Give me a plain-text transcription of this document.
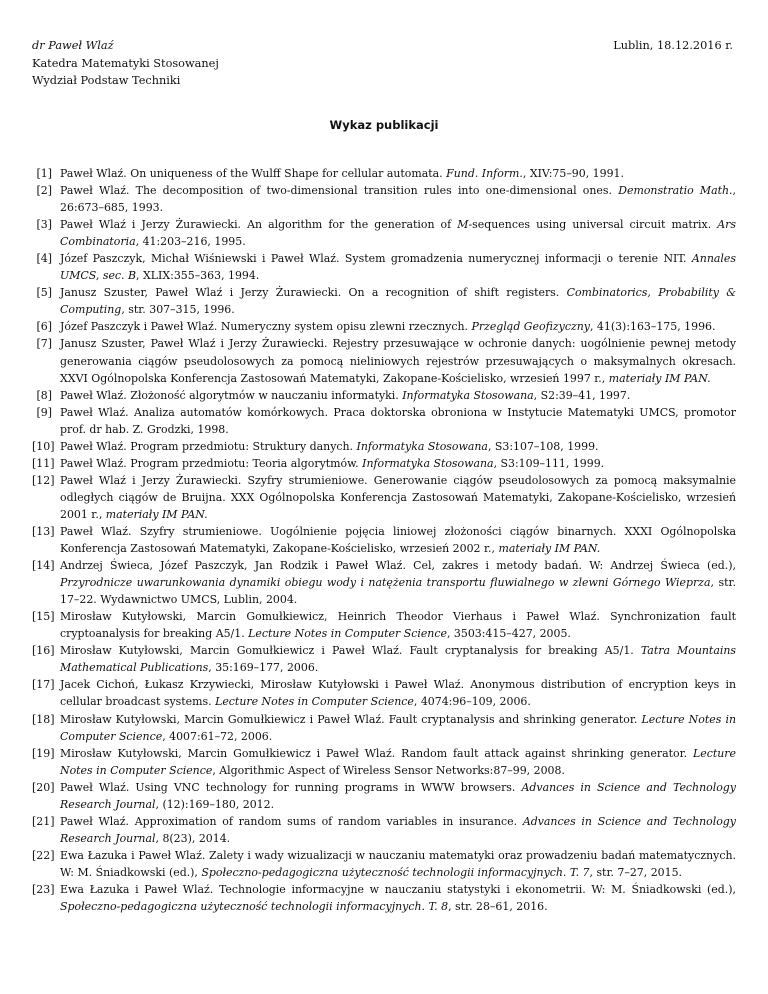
dr Paweł Wlaź
Katedra Matematyki Stosowanej
Wydział Podstaw Techniki
Lublin, 18.12.2016 r.
Wykaz publikacji
[ 1 ]	Paweł Wlaź. On uniqueness of the Wulff Shape for cellular automata. Fund. Inform., XIV:75–90, 1991.
[ 2 ]	Paweł Wlaź. The decomposition of two-dimensional transition rules into one-dimensional ones. Demonstratio Math., 26:673–685, 1993.
[ 3 ]	Paweł Wlaź i Jerzy Żurawiecki. An algorithm for the generation of M-sequences using universal circuit matrix. Ars Combinatoria, 41:203–216, 1995.
[ 4 ]	Józef Paszczyk, Michał Wiśniewski i Paweł Wlaź. System gromadzenia numerycznej informacji o terenie NIT. Annales UMCS, sec. B, XLIX:355–363, 1994.
[ 5 ]	Janusz Szuster, Paweł Wlaź i Jerzy Żurawiecki. On a recognition of shift registers. Combinatorics, Probability & Computing, str. 307–315, 1996.
[ 6 ]	Józef Paszczyk i Paweł Wlaź. Numeryczny system opisu zlewni rzecznych. Przegląd Geofizyczny, 41(3):163–175, 1996.
[ 7 ]	Janusz Szuster, Paweł Wlaź i Jerzy Żurawiecki. Rejestry przesuwające w ochronie danych: uogólnienie pewnej metody generowania ciągów pseudolosowych za pomocą nieliniowych rejestrów przesuwających o maksymalnych okresach. XXVI Ogólnopolska Konferencja Zastosowań Matematyki, Zakopane-Kościelisko, wrzesień 1997 r., materiały IM PAN.
[ 8 ]	Paweł Wlaź. Złożoność algorytmów w nauczaniu informatyki. Informatyka Stosowana, S2:39–41, 1997.
[ 9 ]	Paweł Wlaź. Analiza automatów komórkowych. Praca doktorska obroniona w Instytucie Matematyki UMCS, promotor prof. dr hab. Z. Grodzki, 1998.
[ 10 ] Paweł Wlaź. Program przedmiotu: Struktury danych. Informatyka Stosowana, S3:107–108, 1999.
[ 11 ] Paweł Wlaź. Program przedmiotu: Teoria algorytmów. Informatyka Stosowana, S3:109–111, 1999.
[ 12 ] Paweł Wlaź i Jerzy Żurawiecki. Szyfry strumieniowe. Generowanie ciągów pseudolosowych za pomocą maksymalnie odległych ciągów de Bruijna. XXX Ogólnopolska Konferencja Zastosowań Matematyki, Zakopane-Kościelisko, wrzesień 2001 r., materiały IM PAN.
[ 13 ] Paweł Wlaź. Szyfry strumieniowe. Uogólnienie pojęcia liniowej złożoności ciągów binarnych. XXXI Ogólnopolska Konferencja Zastosowań Matematyki, Zakopane-Kościelisko, wrzesień 2002 r., materiały IM PAN.
[ 14 ] Andrzej Świeca, Józef Paszczyk, Jan Rodzik i Paweł Wlaź. Cel, zakres i metody badań. W: Andrzej Świeca (ed.), Przyrodnicze uwarunkowania dynamiki obiegu wody i natężenia transportu fluwialnego w zlewni Górnego Wieprza, str. 17–22. Wydawnictwo UMCS, Lublin, 2004.
[ 15 ] Mirosław Kutyłowski, Marcin Gomułkiewicz, Heinrich Theodor Vierhaus i Paweł Wlaź. Synchronization fault cryptoanalysis for breaking A5/1. Lecture Notes in Computer Science, 3503:415–427, 2005.
[ 16 ] Mirosław Kutyłowski, Marcin Gomułkiewicz i Paweł Wlaź. Fault cryptanalysis for breaking A5/1. Tatra Mountains Mathematical Publications, 35:169–177, 2006.
[ 17 ] Jacek Cichoń, Łukasz Krzywiecki, Mirosław Kutyłowski i Paweł Wlaź. Anonymous distribution of encryption keys in cellular broadcast systems. Lecture Notes in Computer Science, 4074:96–109, 2006.
[ 18 ] Mirosław Kutyłowski, Marcin Gomułkiewicz i Paweł Wlaź. Fault cryptanalysis and shrinking generator. Lecture Notes in Computer Science, 4007:61–72, 2006.
[ 19 ] Mirosław Kutyłowski, Marcin Gomułkiewicz i Paweł Wlaź. Random fault attack against shrinking generator. Lecture Notes in Computer Science, Algorithmic Aspect of Wireless Sensor Networks:87–99, 2008.
[ 20 ] Paweł Wlaź. Using VNC technology for running programs in WWW browsers. Advances in Science and Technology Research Journal, (12):169–180, 2012.
[ 21 ] Paweł Wlaź. Approximation of random sums of random variables in insurance. Advances in Science and Technology Research Journal, 8(23), 2014.
[ 22 ] Ewa Łazuka i Paweł Wlaź. Zalety i wady wizualizacji w nauczaniu matematyki oraz prowadzeniu badań matematycznych. W: M. Śniadkowski (ed.), Społeczno-pedagogiczna użyteczność technologii informacyjnych. T. 7, str. 7–27, 2015.
[ 23 ] Ewa Łazuka i Paweł Wlaź. Technologie informacyjne w nauczaniu statystyki i ekonometrii. W: M. Śniadkowski (ed.), Społeczno-pedagogiczna użyteczność technologii informacyjnych. T. 8, str. 28–61, 2016.
